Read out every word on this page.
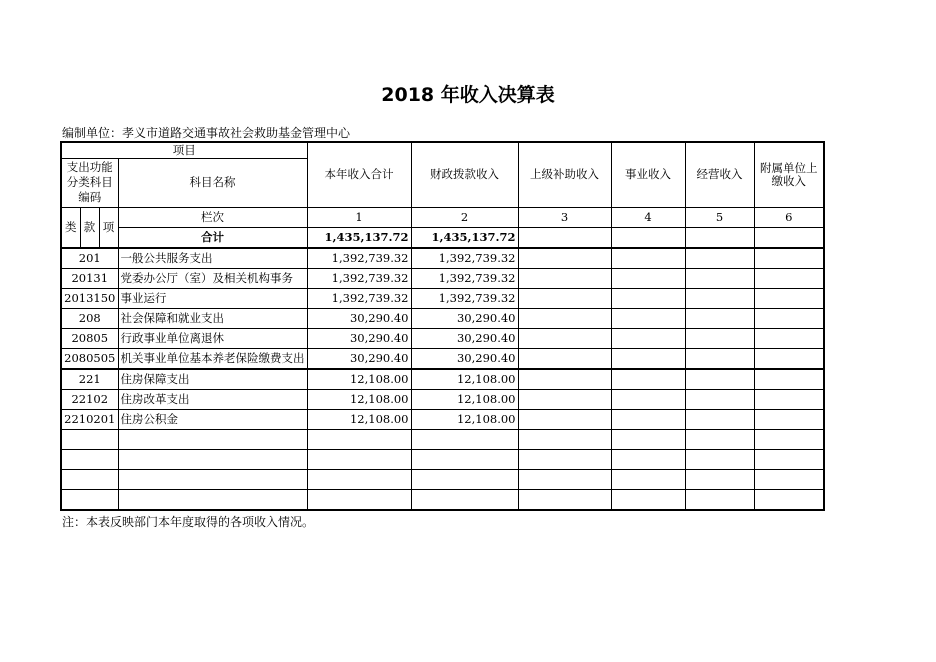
2018 年收入决算表
编制单位：孝义市道路交通事故社会救助基金管理中心
项目				本年收入合计	财政拨款收入	上级补助收入	事业收入	经营收入	附属单位上缴收入
支出功能分类科目编码			科目名称						
类	款	项	栏次	1	2	3	4	5	6
			合计	1,435,137.72	1,435,137.72				
201			一般公共服务支出	1,392,739.32	1,392,739.32				
20131			党委办公厅（室）及相关机构事务	1,392,739.32	1,392,739.32				
2013150			事业运行	1,392,739.32	1,392,739.32				
208			社会保障和就业支出	30,290.40	30,290.40				
20805			行政事业单位离退休	30,290.40	30,290.40				
2080505			机关事业单位基本养老保险缴费支出	30,290.40	30,290.40				
221			住房保障支出	12,108.00	12,108.00				
22102			住房改革支出	12,108.00	12,108.00				
2210201			住房公积金	12,108.00	12,108.00				

注：本表反映部门本年度取得的各项收入情况。
